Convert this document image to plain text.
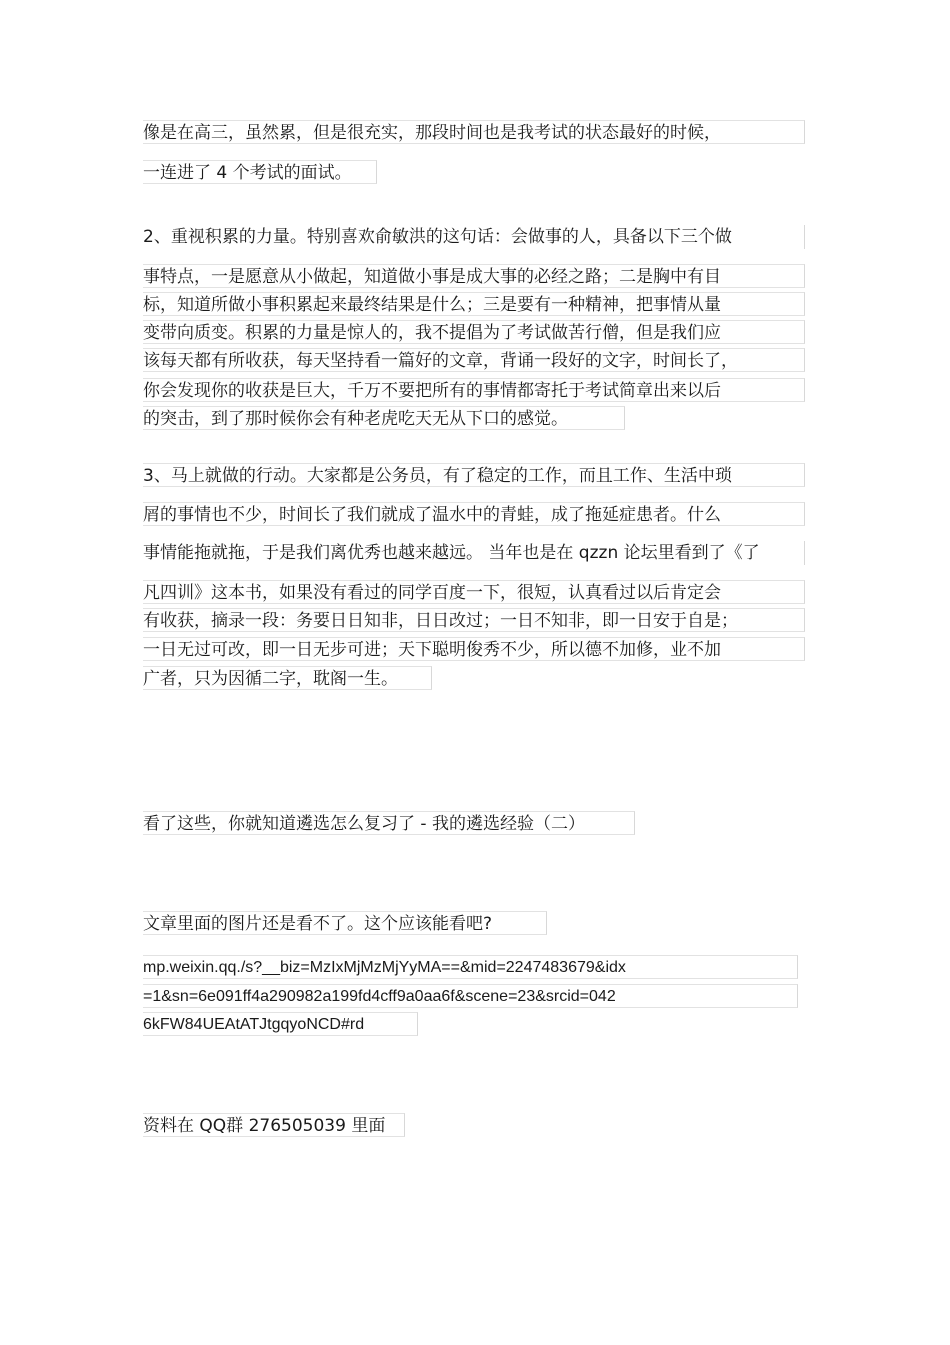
像是在高三，虽然累，但是很充实，那段时间也是我考试的状态最好的时候，
一连进了 4 个考试的面试。
2、重视积累的力量。特别喜欢俞敏洪的这句话：会做事的人，具备以下三个做
事特点，一是愿意从小做起，知道做小事是成大事的必经之路；二是胸中有目
标，知道所做小事积累起来最终结果是什么；三是要有一种精神，把事情从量
变带向质变。积累的力量是惊人的，我不提倡为了考试做苦行僧，但是我们应
该每天都有所收获，每天坚持看一篇好的文章，背诵一段好的文字，时间长了，
你会发现你的收获是巨大，千万不要把所有的事情都寄托于考试简章出来以后
的突击，到了那时候你会有种老虎吃天无从下口的感觉。
3、马上就做的行动。大家都是公务员，有了稳定的工作，而且工作、生活中琐
屑的事情也不少，时间长了我们就成了温水中的青蛙，成了拖延症患者。什么
事情能拖就拖，于是我们离优秀也越来越远。 当年也是在 qzzn 论坛里看到了《了
凡四训》这本书，如果没有看过的同学百度一下，很短，认真看过以后肯定会
有收获，摘录一段：务要日日知非，日日改过；一日不知非，即一日安于自是；
一日无过可改，即一日无步可进；天下聪明俊秀不少，所以德不加修，业不加
广者，只为因循二字，耽阁一生。
看了这些，你就知道遴选怎么复习了 - 我的遴选经验（二）
文章里面的图片还是看不了。这个应该能看吧?
mp.weixin.qq./s?__biz=MzIxMjMzMjYyMA==&mid=2247483679&idx
=1&sn=6e091ff4a290982a199fd4cff9a0aa6f&scene=23&srcid=042
6kFW84UEAtATJtgqyoNCD#rd
资料在 QQ群 276505039 里面
